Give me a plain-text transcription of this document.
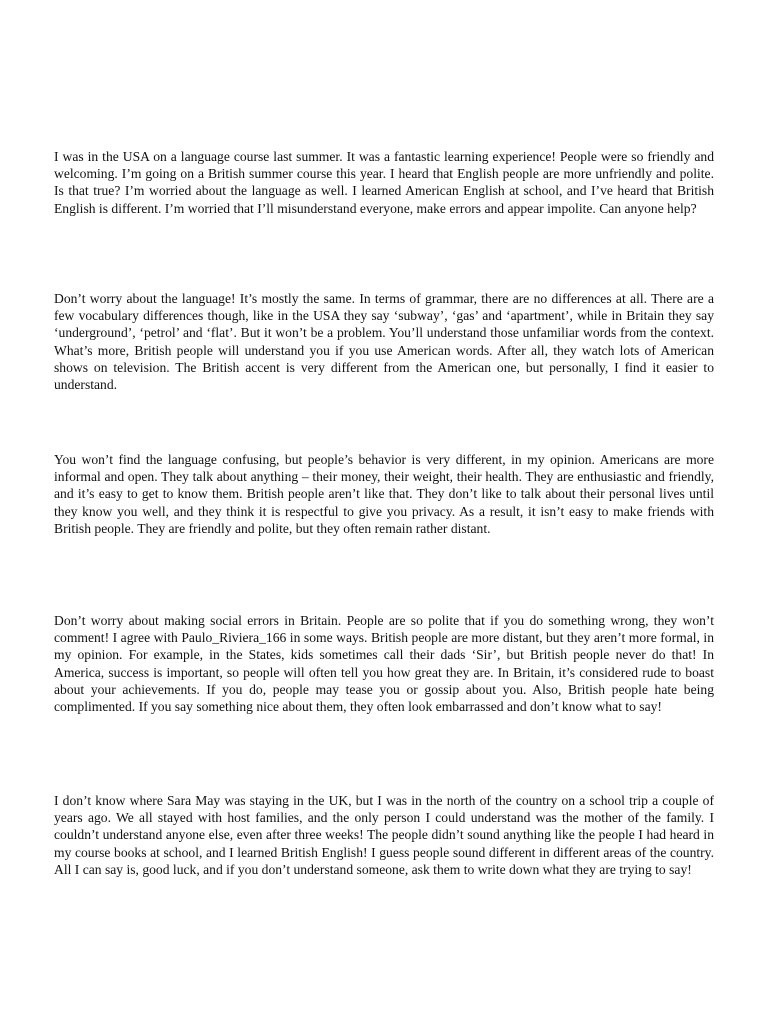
I was in the USA on a language course last summer. It was a fantastic learning experience! People were so friendly and welcoming. I’m going on a British summer course this year. I heard that English people are more unfriendly and polite. Is that true? I’m worried about the language as well. I learned American English at school, and I’ve heard that British English is different. I’m worried that I’ll misunderstand everyone, make errors and appear impolite. Can anyone help?

Don’t worry about the language! It’s mostly the same. In terms of grammar, there are no differences at all. There are a few vocabulary differences though, like in the USA they say ‘subway’, ‘gas’ and ‘apartment’, while in Britain they say ‘underground’, ‘petrol’ and ‘flat’. But it won’t be a problem. You’ll understand those unfamiliar words from the context. What’s more, British people will understand you if you use American words. After all, they watch lots of American shows on television. The British accent is very different from the American one, but personally, I find it easier to understand.

You won’t find the language confusing, but people’s behavior is very different, in my opinion. Americans are more informal and open. They talk about anything – their money, their weight, their health. They are enthusiastic and friendly, and it’s easy to get to know them. British people aren’t like that. They don’t like to talk about their personal lives until they know you well, and they think it is respectful to give you privacy. As a result, it isn’t easy to make friends with British people. They are friendly and polite, but they often remain rather distant.

Don’t worry about making social errors in Britain. People are so polite that if you do something wrong, they won’t comment! I agree with Paulo_Riviera_166 in some ways. British people are more distant, but they aren’t more formal, in my opinion. For example, in the States, kids sometimes call their dads ‘Sir’, but British people never do that! In America, success is important, so people will often tell you how great they are. In Britain, it’s considered rude to boast about your achievements. If you do, people may tease you or gossip about you. Also, British people hate being complimented. If you say something nice about them, they often look embarrassed and don’t know what to say!

I don’t know where Sara May was staying in the UK, but I was in the north of the country on a school trip a couple of years ago. We all stayed with host families, and the only person I could understand was the mother of the family. I couldn’t understand anyone else, even after three weeks! The people didn’t sound anything like the people I had heard in my course books at school, and I learned British English! I guess people sound different in different areas of the country. All I can say is, good luck, and if you don’t understand someone, ask them to write down what they are trying to say!
